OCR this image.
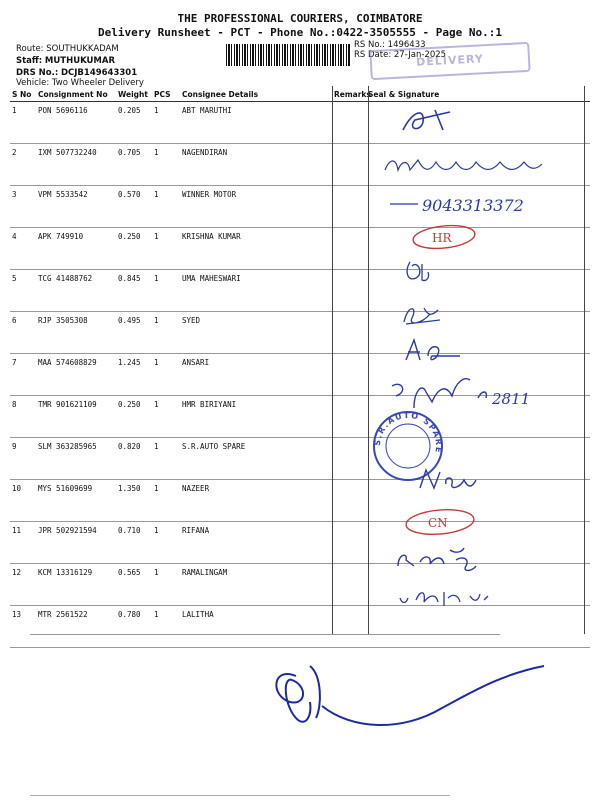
THE PROFESSIONAL COURIERS, COIMBATORE
Delivery Runsheet - PCT - Phone No.:0422-3505555 - Page No.:1
Route: SOUTHUKKADAM
Staff: MUTHUKUMAR
DRS No.: DCJB149643301
Vehicle: Two Wheeler Delivery
RS No.: 1496433
RS Date: 27-Jan-2025
DELIVERY
S No	Consignment No	Weight	PCS	Consignee Details	Remarks	Seal & Signature
1	PON 5696116	0.205	1	ABT MARUTHI		
2	IXM 507732240	0.705	1	NAGENDIRAN		
3	VPM 5533542	0.570	1	WINNER MOTOR		
4	APK 749910	0.250	1	KRISHNA KUMAR		
5	TCG 41488762	0.845	1	UMA MAHESWARI		
6	RJP 3505308	0.495	1	SYED		
7	MAA 574608829	1.245	1	ANSARI		
8	TMR 901621109	0.250	1	HMR BIRIYANI		
9	SLM 363285965	0.820	1	S.R.AUTO SPARE		
10	MYS 51609699	1.350	1	NAZEER		
11	JPR 502921594	0.710	1	RIFANA		
12	KCM 13316129	0.565	1	RAMALINGAM		
13	MTR 2561522	0.780	1	LALITHA		
9043313372
HR
2811
S.R.AUTO SPARE
CN
